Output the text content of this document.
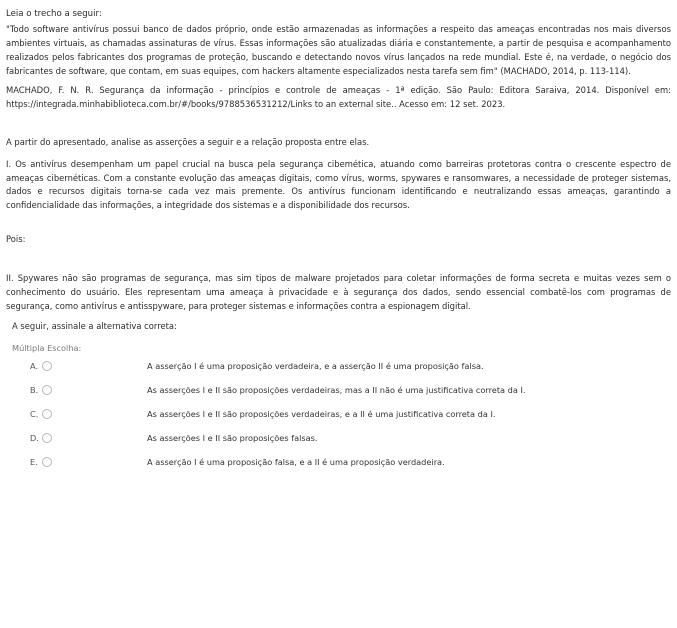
Leia o trecho a seguir:

"Todo software antivírus possui banco de dados próprio, onde estão armazenadas as informações a respeito das ameaças encontradas nos mais diversos ambientes virtuais, as chamadas assinaturas de vírus. Essas informações são atualizadas diária e constantemente, a partir de pesquisa e acompanhamento realizados pelos fabricantes dos programas de proteção, buscando e detectando novos vírus lançados na rede mundial. Este é, na verdade, o negócio dos fabricantes de software, que contam, em suas equipes, com hackers altamente especializados nesta tarefa sem fim" (MACHADO, 2014, p. 113-114).

MACHADO, F. N. R. Segurança da informação - princípios e controle de ameaças - 1ª edição. São Paulo: Editora Saraiva, 2014. Disponível em: https://integrada.minhabiblioteca.com.br/#/books/9788536531212/Links to an external site.. Acesso em: 12 set. 2023.

A partir do apresentado, analise as asserções a seguir e a relação proposta entre elas.

I. Os antivírus desempenham um papel crucial na busca pela segurança cibemética, atuando como barreiras protetoras contra o crescente espectro de ameaças cibernéticas. Com a constante evolução das ameaças digitais, como vírus, worms, spywares e ransomwares, a necessidade de proteger sistemas, dados e recursos digitais torna-se cada vez mais premente. Os antivírus funcionam identificando e neutralizando essas ameaças, garantindo a confidencialidade das informações, a integridade dos sistemas e a disponibilidade dos recursos.

Pois:

II. Spywares não são programas de segurança, mas sim tipos de malware projetados para coletar informações de forma secreta e muitas vezes sem o conhecimento do usuário. Eles representam uma ameaça à privacidade e à segurança dos dados, sendo essencial combatê-los com programas de segurança, como antivírus e antisspyware, para proteger sistemas e informações contra a espionagem digital.

A seguir, assinale a alternativa correta:

Múltipla Escolha:

A.	A asserção I é uma proposição verdadeira, e a asserção II é uma proposição falsa.
B.	As asserções I e II são proposições verdadeiras, mas a II não é uma justificativa correta da I.
C.	As asserções I e II são proposições verdadeiras, e a II é uma justificativa correta da I.
D.	As asserções I e II são proposições falsas.
E.	A asserção I é uma proposição falsa, e a II é uma proposição verdadeira.
